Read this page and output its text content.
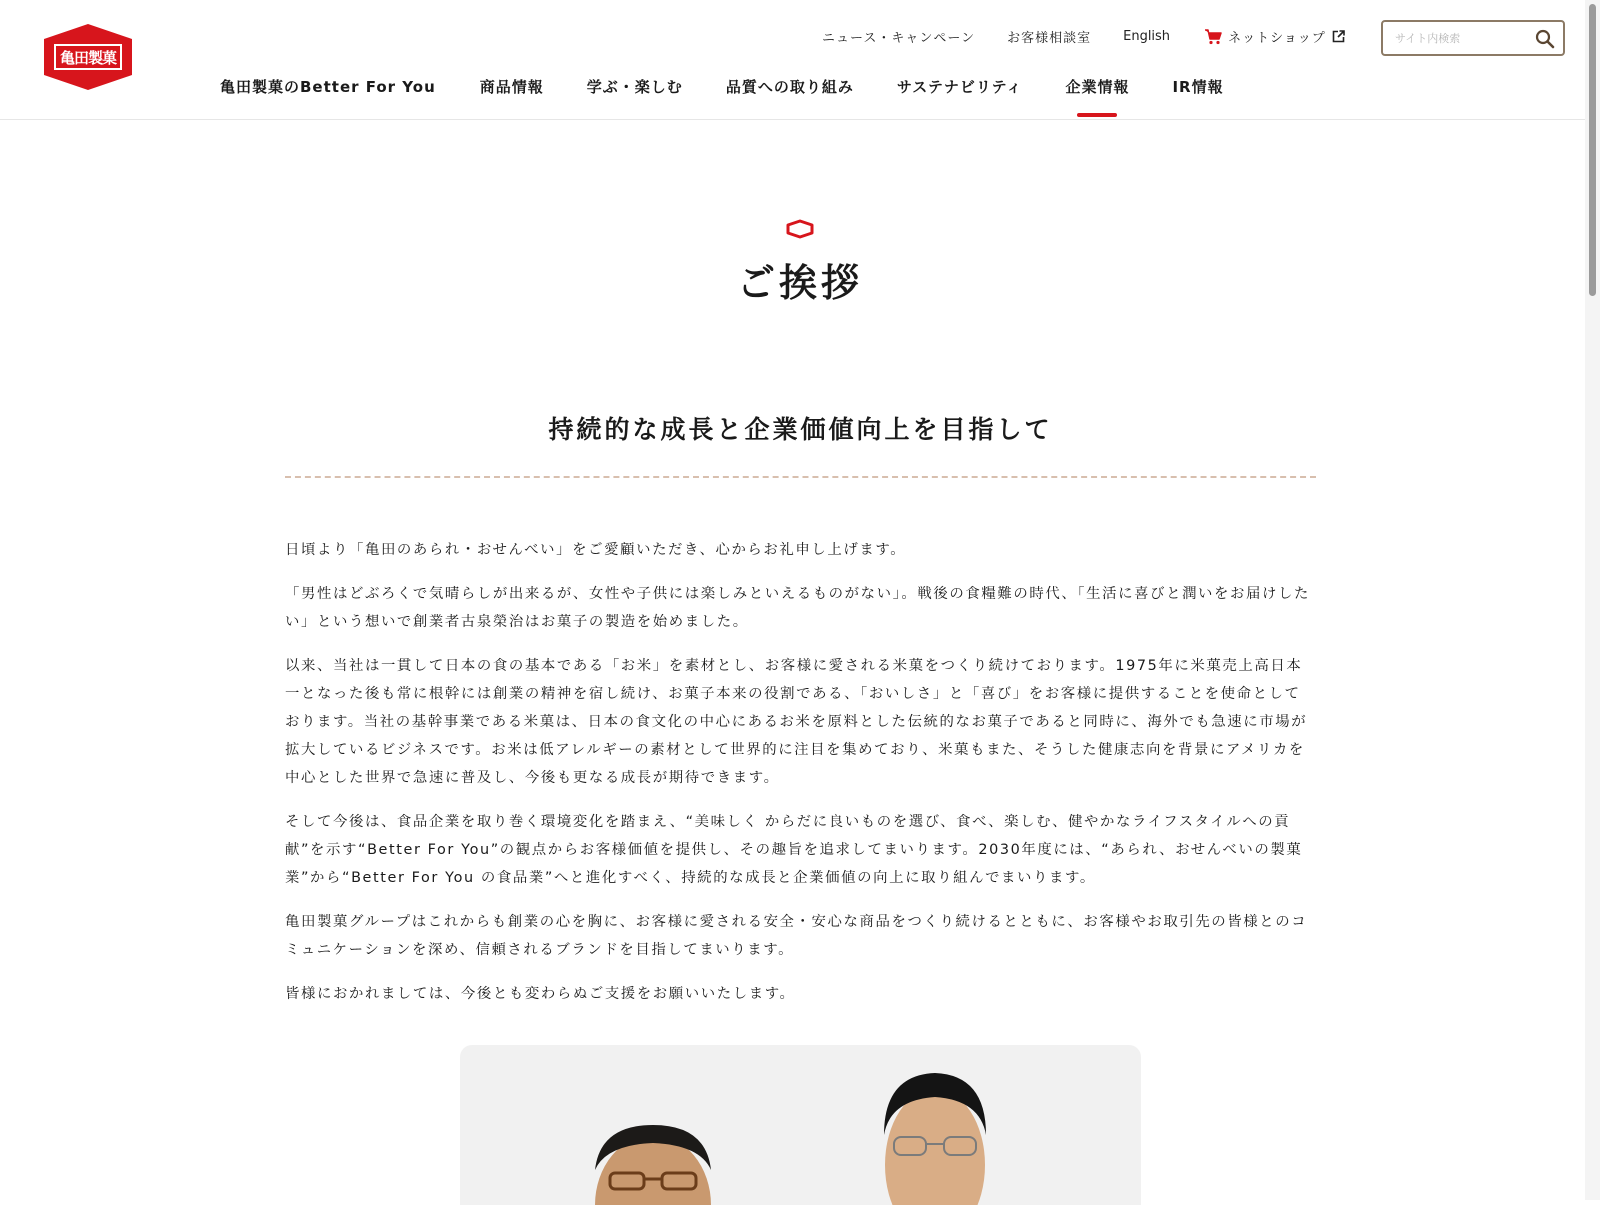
亀田製菓
ニュース・キャンペーン お客様相談室 English	ネットショップ
サイト内検索
亀田製菓のBetter For You	商品情報	学ぶ・楽しむ	品質への取り組み	サステナビリティ	企業情報	IR情報
ご挨拶
持続的な成長と企業価値向上を目指して

日頃より「亀田のあられ・おせんべい」をご愛顧いただき、心からお礼申し上げます。

「男性はどぶろくで気晴らしが出来るが、女性や子供には楽しみといえるものがない」。戦後の食糧難の時代、「生活に喜びと潤いをお届けしたい」という想いで創業者古泉榮治はお菓子の製造を始めました。

以来、当社は一貫して日本の食の基本である「お米」を素材とし、お客様に愛される米菓をつくり続けております。1975年に米菓売上高日本一となった後も常に根幹には創業の精神を宿し続け、お菓子本来の役割である、「おいしさ」と「喜び」をお客様に提供することを使命としております。当社の基幹事業である米菓は、日本の食文化の中心にあるお米を原料とした伝統的なお菓子であると同時に、海外でも急速に市場が拡大しているビジネスです。お米は低アレルギーの素材として世界的に注目を集めており、米菓もまた、そうした健康志向を背景にアメリカを中心とした世界で急速に普及し、今後も更なる成長が期待できます。

そして今後は、食品企業を取り巻く環境変化を踏まえ、“美味しく からだに良いものを選び、食べ、楽しむ、健やかなライフスタイルへの貢献”を示す“Better For You”の観点からお客様価値を提供し、その趣旨を追求してまいります。2030年度には、“あられ、おせんべいの製菓業”から“Better For You の食品業”へと進化すべく、持続的な成長と企業価値の向上に取り組んでまいります。

亀田製菓グループはこれからも創業の心を胸に、お客様に愛される安全・安心な商品をつくり続けるとともに、お客様やお取引先の皆様とのコミュニケーションを深め、信頼されるブランドを目指してまいります。

皆様におかれましては、今後とも変わらぬご支援をお願いいたします。
